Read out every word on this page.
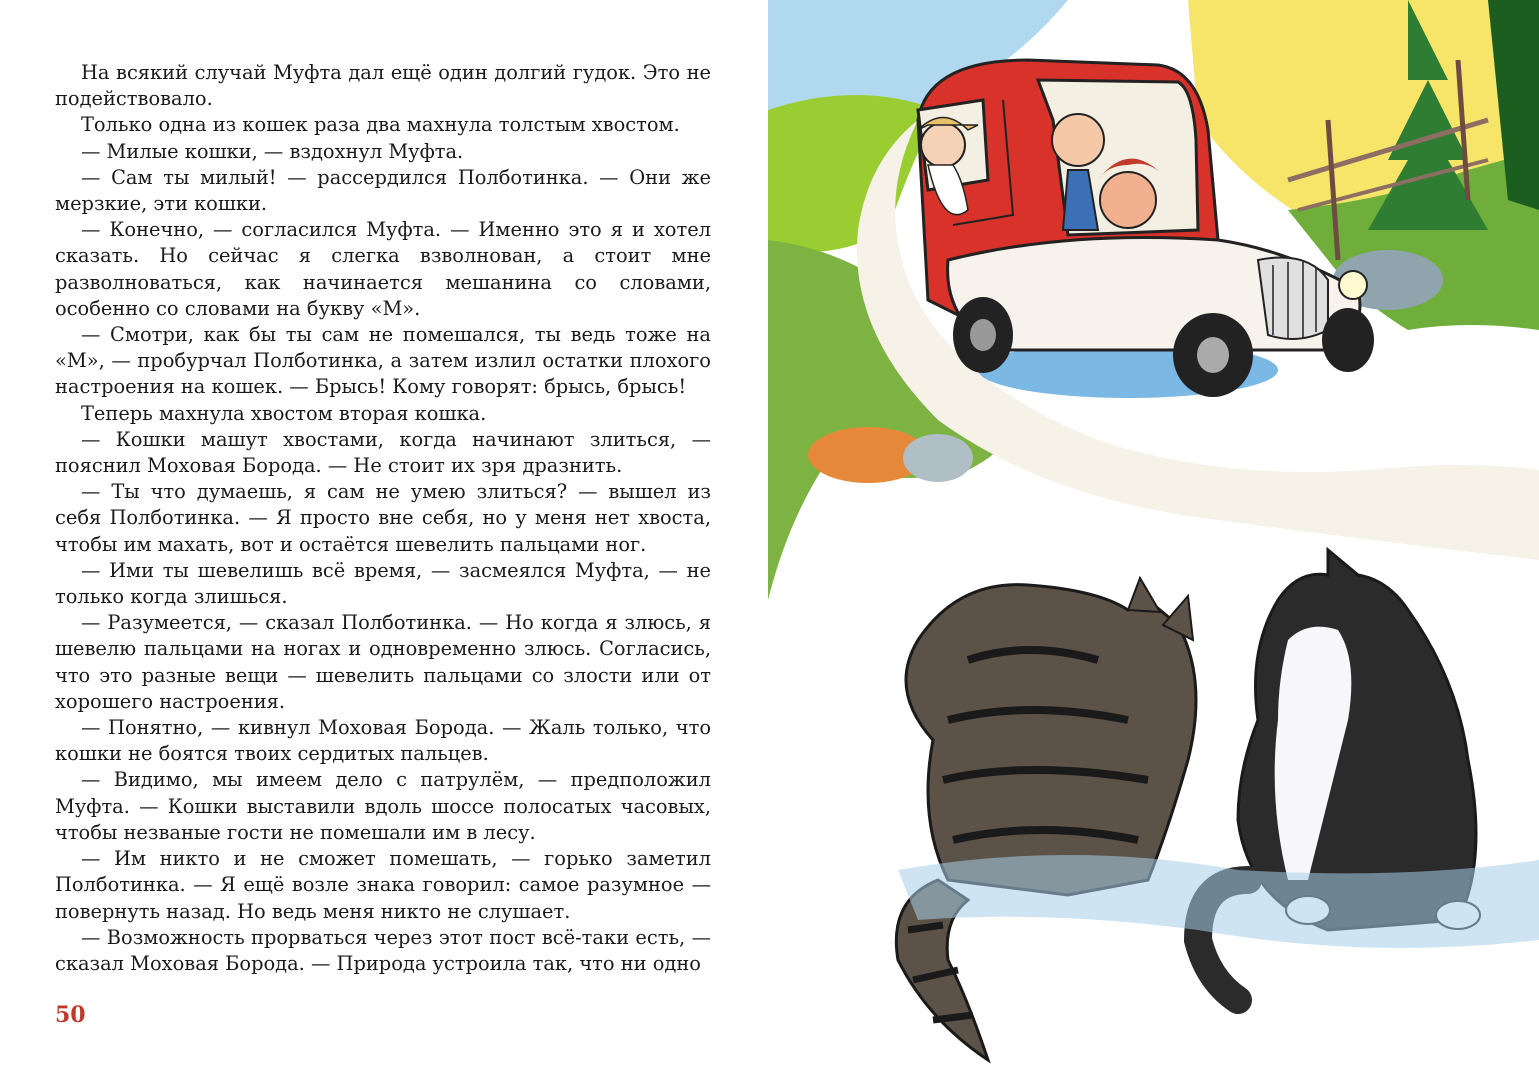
На всякий случай Муфта дал ещё один долгий гудок. Это не подействовало.

Только одна из кошек раза два махнула толстым хвостом.

— Милые кошки, — вздохнул Муфта.

— Сам ты милый! — рассердился Полботинка. — Они же мерзкие, эти кошки.

— Конечно, — согласился Муфта. — Именно это я и хотел сказать. Но сейчас я слегка взволнован, а стоит мне разволноваться, как начинается мешанина со словами, особенно со словами на букву «М».

— Смотри, как бы ты сам не помешался, ты ведь тоже на «М», — пробурчал Полботинка, а затем излил остатки плохого настроения на кошек. — Брысь! Кому говорят: брысь, брысь!

Теперь махнула хвостом вторая кошка.

— Кошки машут хвостами, когда начинают злиться, — пояснил Моховая Борода. — Не стоит их зря дразнить.

— Ты что думаешь, я сам не умею злиться? — вышел из себя Полботинка. — Я просто вне себя, но у меня нет хвоста, чтобы им махать, вот и остаётся шевелить пальцами ног.

— Ими ты шевелишь всё время, — засмеялся Муфта, — не только когда злишься.

— Разумеется, — сказал Полботинка. — Но когда я злюсь, я шевелю пальцами на ногах и одновременно злюсь. Согласись, что это разные вещи — шевелить пальцами со злости или от хорошего настроения.

— Понятно, — кивнул Моховая Борода. — Жаль только, что кошки не боятся твоих сердитых пальцев.

— Видимо, мы имеем дело с патрулём, — предположил Муфта. — Кошки выставили вдоль шоссе полосатых часовых, чтобы незваные гости не помешали им в лесу.

— Им никто и не сможет помешать, — горько заметил Полботинка. — Я ещё возле знака говорил: самое разумное — повернуть назад. Но ведь меня никто не слушает.

— Возможность прорваться через этот пост всё-таки есть, — сказал Моховая Борода. — Природа устроила так, что ни одно

50
